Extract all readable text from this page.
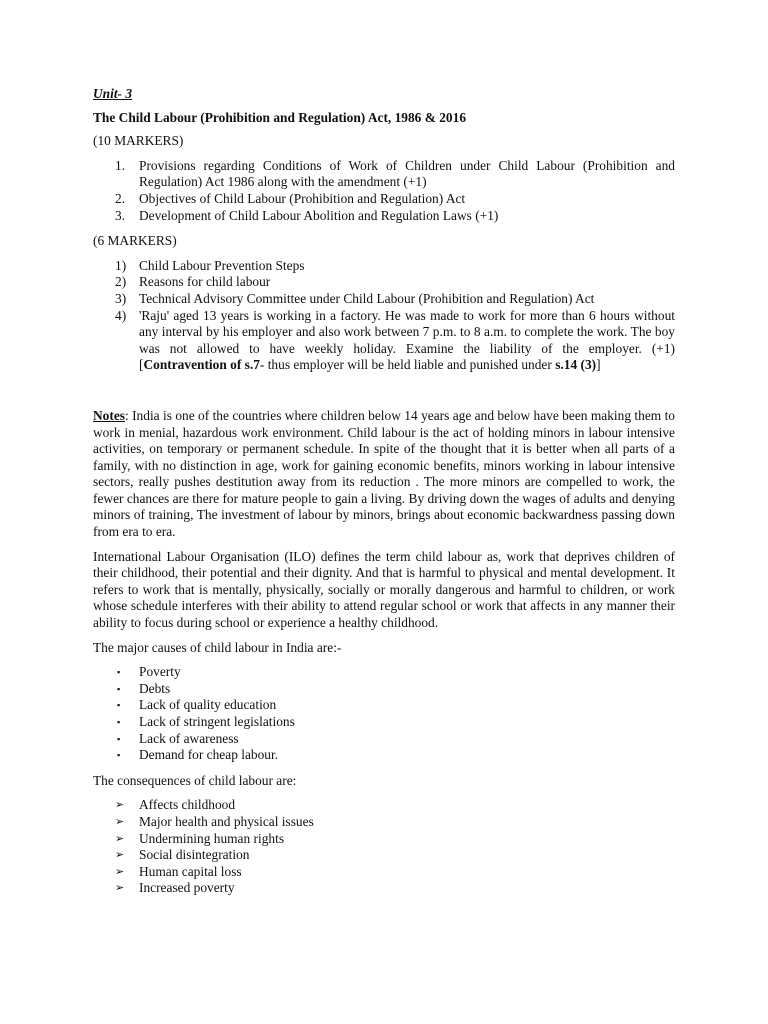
Unit- 3
The Child Labour (Prohibition and Regulation) Act, 1986 & 2016
(10 MARKERS)
1. Provisions regarding Conditions of Work of Children under Child Labour (Prohibition and Regulation) Act 1986 along with the amendment (+1)
2. Objectives of Child Labour (Prohibition and Regulation) Act
3. Development of Child Labour Abolition and Regulation Laws (+1)
(6 MARKERS)
1) Child Labour Prevention Steps
2) Reasons for child labour
3) Technical Advisory Committee under Child Labour (Prohibition and Regulation) Act
4) 'Raju' aged 13 years is working in a factory. He was made to work for more than 6 hours without any interval by his employer and also work between 7 p.m. to 8 a.m. to complete the work. The boy was not allowed to have weekly holiday. Examine the liability of the employer. (+1) [Contravention of s.7- thus employer will be held liable and punished under s.14 (3)]

Notes: India is one of the countries where children below 14 years age and below have been making them to work in menial, hazardous work environment. Child labour is the act of holding minors in labour intensive activities, on temporary or permanent schedule. In spite of the thought that it is better when all parts of a family, with no distinction in age, work for gaining economic benefits, minors working in labour intensive sectors, really pushes destitution away from its reduction . The more minors are compelled to work, the fewer chances are there for mature people to gain a living. By driving down the wages of adults and denying minors of training, The investment of labour by minors, brings about economic backwardness passing down from era to era.

International Labour Organisation (ILO) defines the term child labour as, work that deprives children of their childhood, their potential and their dignity. And that is harmful to physical and mental development. It refers to work that is mentally, physically, socially or morally dangerous and harmful to children, or work whose schedule interferes with their ability to attend regular school or work that affects in any manner their ability to focus during school or experience a healthy childhood.

The major causes of child labour in India are:-

▪ Poverty
▪ Debts
▪ Lack of quality education
▪ Lack of stringent legislations
▪ Lack of awareness
▪ Demand for cheap labour.

The consequences of child labour are:

➢ Affects childhood
➢ Major health and physical issues
➢ Undermining human rights
➢ Social disintegration
➢ Human capital loss
➢ Increased poverty
